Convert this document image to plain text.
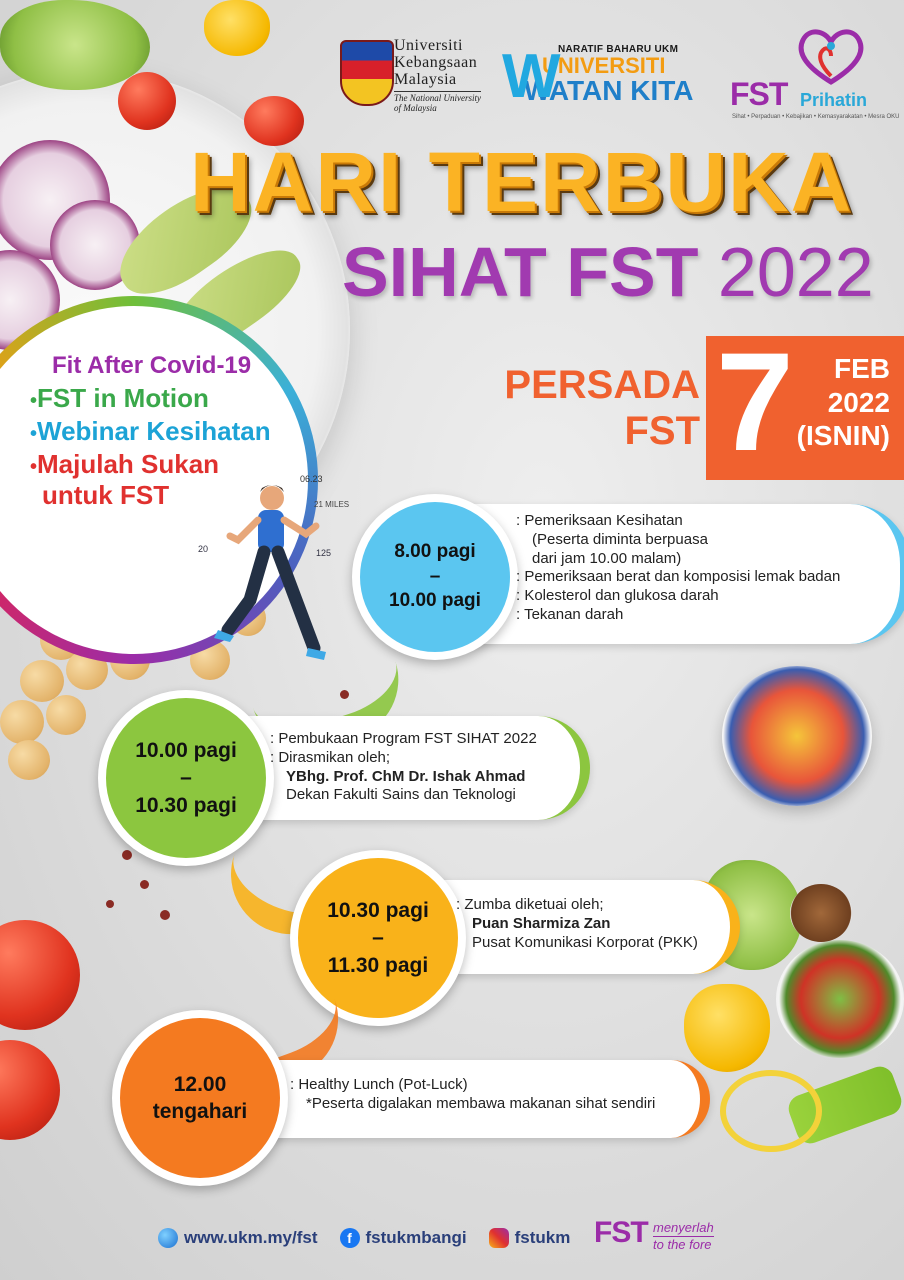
Universiti
Kebangsaan
Malaysia
The National University
of Malaysia	W
NARATIF BAHARU UKM
UNIVERSITI
WATAN KITA	FST Prihatin
Sihat • Perpaduan • Kebajikan • Kemasyarakatan • Mesra OKU
HARI TERBUKA
SIHAT FST 2022
PERSADA
FST 7	FEB
2022
(ISNIN)
Fit After Covid-19
•FST in Motion
•Webinar Kesihatan
•Majulah Sukan
untuk FST
06.23
21 MILES
20	125	8.00 pagi
–
10.00 pagi
: Pemeriksaan Kesihatan
(Peserta diminta berpuasa
dari jam 10.00 malam)
: Pemeriksaan berat dan komposisi lemak badan
: Kolesterol dan glukosa darah
: Tekanan darah
10.00 pagi
–
10.30 pagi
: Pembukaan Program FST SIHAT 2022
: Dirasmikan oleh;
YBhg. Prof. ChM Dr. Ishak Ahmad
Dekan Fakulti Sains dan Teknologi
10.30 pagi
–
11.30 pagi
: Zumba diketuai oleh;
Puan Sharmiza Zan
Pusat Komunikasi Korporat (PKK)
12.00
tengahari
: Healthy Lunch (Pot-Luck)
*Peserta digalakan membawa makanan sihat sendiri
www.ukm.my/fst	f fstukmbangi	fstukm FST menyerlah
to the fore
